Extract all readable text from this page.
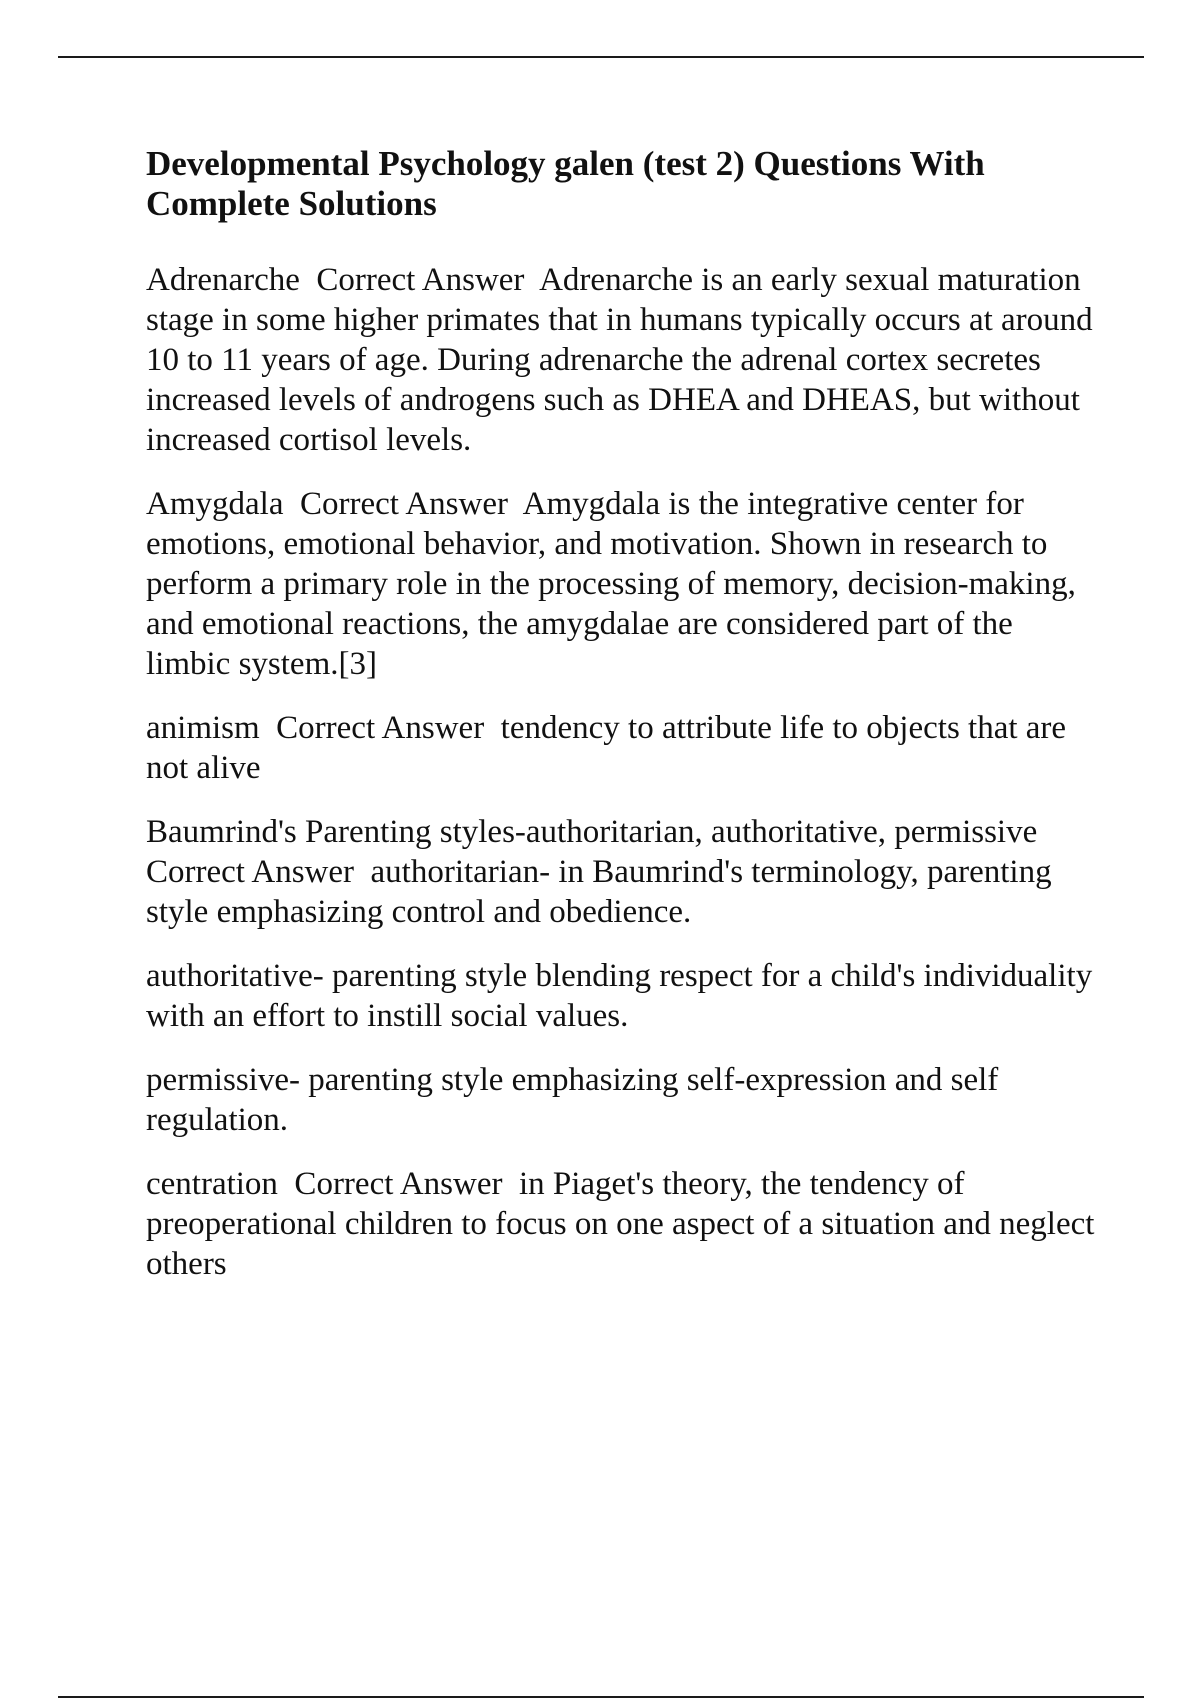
Developmental Psychology galen (test 2) Questions With Complete Solutions

Adrenarche  Correct Answer  Adrenarche is an early sexual maturation stage in some higher primates that in humans typically occurs at around 10 to 11 years of age. During adrenarche the adrenal cortex secretes increased levels of androgens such as DHEA and DHEAS, but without increased cortisol levels.

Amygdala  Correct Answer  Amygdala is the integrative center for emotions, emotional behavior, and motivation. Shown in research to perform a primary role in the processing of memory, decision-making, and emotional reactions, the amygdalae are considered part of the limbic system.[3]

animism  Correct Answer  tendency to attribute life to objects that are not alive

Baumrind's Parenting styles-authoritarian, authoritative, permissive  Correct Answer  authoritarian- in Baumrind's terminology, parenting style emphasizing control and obedience.

authoritative- parenting style blending respect for a child's individuality with an effort to instill social values.

permissive- parenting style emphasizing self-expression and self regulation.

centration  Correct Answer  in Piaget's theory, the tendency of preoperational children to focus on one aspect of a situation and neglect others
